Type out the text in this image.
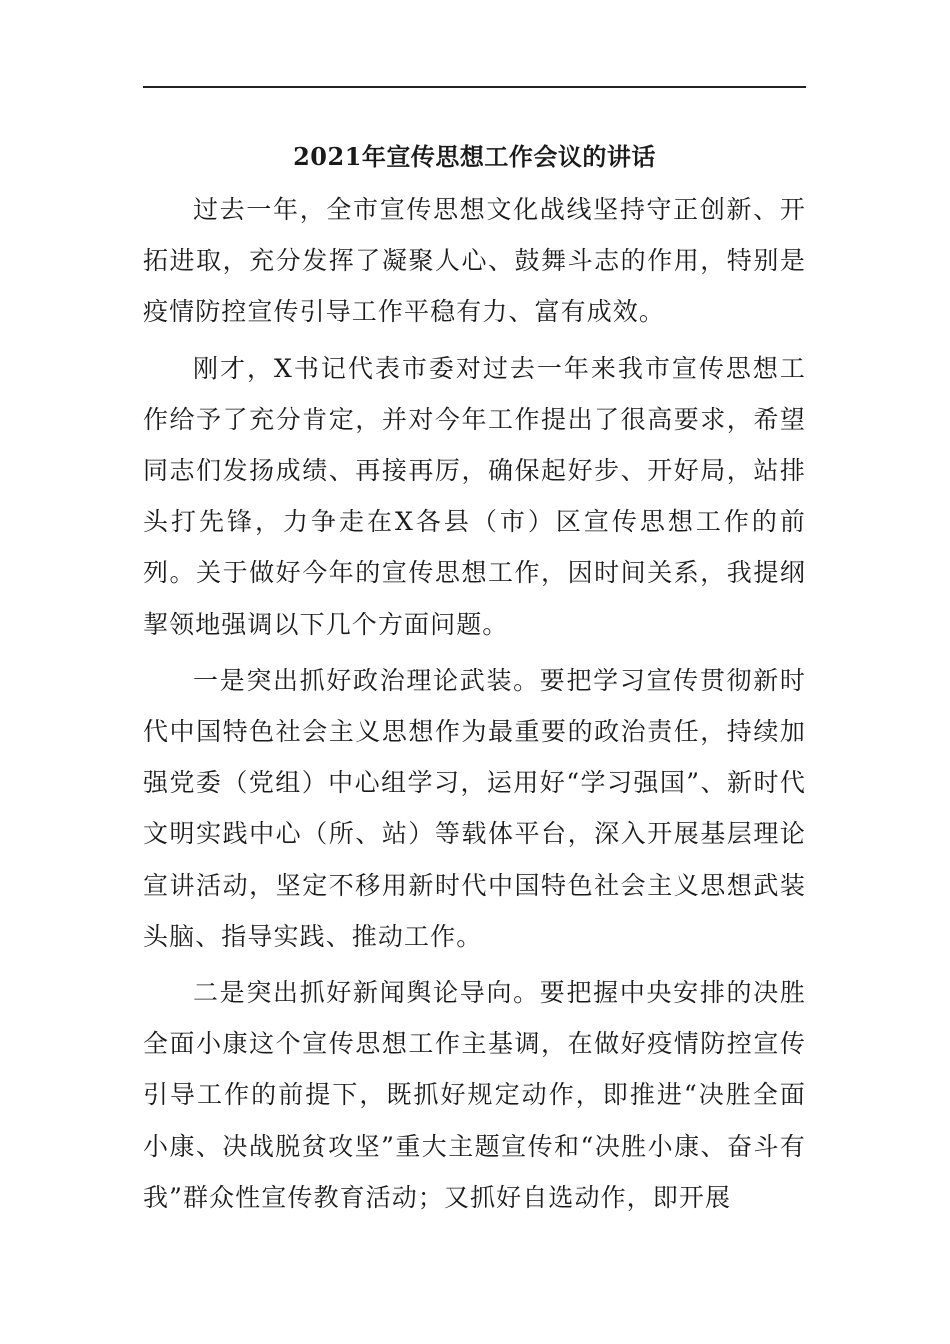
2021年宣传思想工作会议的讲话

过去一年，全市宣传思想文化战线坚持守正创新、开拓进取，充分发挥了凝聚人心、鼓舞斗志的作用，特别是疫情防控宣传引导工作平稳有力、富有成效。

刚才，X书记代表市委对过去一年来我市宣传思想工作给予了充分肯定，并对今年工作提出了很高要求，希望同志们发扬成绩、再接再厉，确保起好步、开好局，站排头打先锋，力争走在X各县（市）区宣传思想工作的前列。关于做好今年的宣传思想工作，因时间关系，我提纲挈领地强调以下几个方面问题。

一是突出抓好政治理论武装。要把学习宣传贯彻新时代中国特色社会主义思想作为最重要的政治责任，持续加强党委（党组）中心组学习，运用好“学习强国”、新时代文明实践中心（所、站）等载体平台，深入开展基层理论宣讲活动，坚定不移用新时代中国特色社会主义思想武装头脑、指导实践、推动工作。

二是突出抓好新闻舆论导向。要把握中央安排的决胜全面小康这个宣传思想工作主基调，在做好疫情防控宣传引导工作的前提下，既抓好规定动作，即推进“决胜全面小康、决战脱贫攻坚”重大主题宣传和“决胜小康、奋斗有我”群众性宣传教育活动；又抓好自选动作，即开展
